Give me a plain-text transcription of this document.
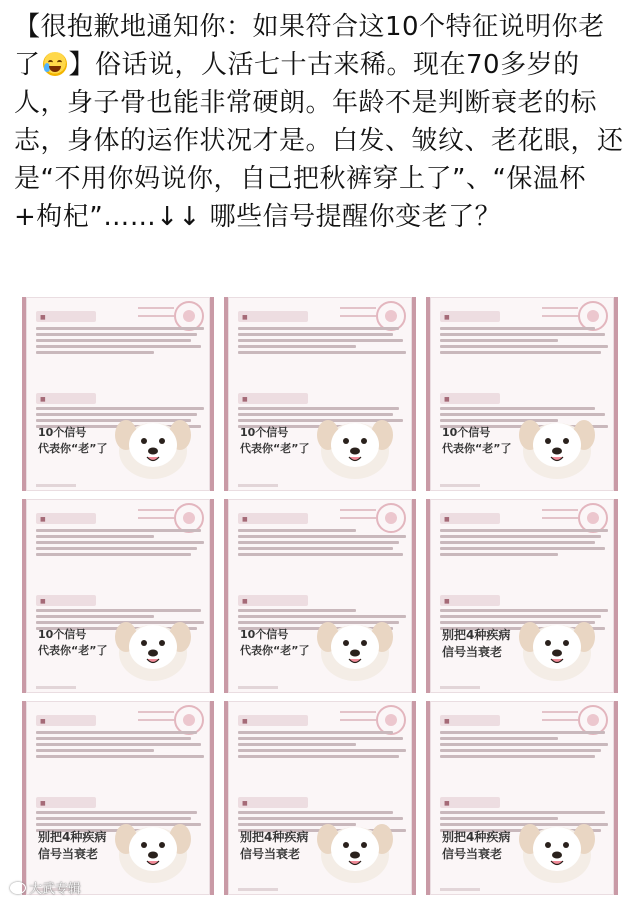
【很抱歉地通知你：如果符合这10个特征说明你老了 】俗话说，人活七十古来稀。现在70多岁的人，身子骨也能非常硬朗。年龄不是判断衰老的标志，身体的运作状况才是。白发、皱纹、老花眼，还是“不用你妈说你，自己把秋裤穿上了”、“保温杯+枸杞”……↓↓ 哪些信号提醒你变老了？
■
■
10个信号
代表你“老”了
■
■
10个信号
代表你“老”了
■
■
10个信号
代表你“老”了
■
■
10个信号
代表你“老”了
■
■
10个信号
代表你“老”了
■
■
别把4种疾病
信号当衰老
■
■
别把4种疾病
信号当衰老
■
■
别把4种疾病
信号当衰老
■
■
别把4种疾病
信号当衰老
大武专辑
